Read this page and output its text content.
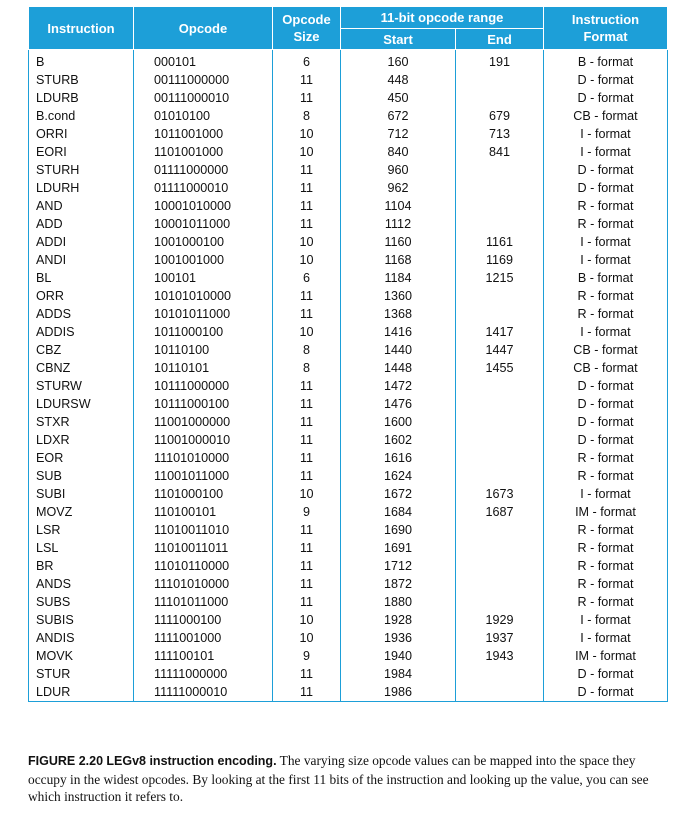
Instruction	Opcode	Opcode Size	11-bit opcode range		Instruction Format
			Start	End	
B	000101	6	160	191	B - format
STURB	00111000000	11	448		D - format
LDURB	00111000010	11	450		D - format
B.cond	01010100	8	672	679	CB - format
ORRI	1011001000	10	712	713	I - format
EORI	1101001000	10	840	841	I - format
STURH	01111000000	11	960		D - format
LDURH	01111000010	11	962		D - format
AND	10001010000	11	1104		R - format
ADD	10001011000	11	1112		R - format
ADDI	1001000100	10	1160	1161	I - format
ANDI	1001001000	10	1168	1169	I - format
BL	100101	6	1184	1215	B - format
ORR	10101010000	11	1360		R - format
ADDS	10101011000	11	1368		R - format
ADDIS	1011000100	10	1416	1417	I - format
CBZ	10110100	8	1440	1447	CB - format
CBNZ	10110101	8	1448	1455	CB - format
STURW	10111000000	11	1472		D - format
LDURSW	10111000100	11	1476		D - format
STXR	11001000000	11	1600		D - format
LDXR	11001000010	11	1602		D - format
EOR	11101010000	11	1616		R - format
SUB	11001011000	11	1624		R - format
SUBI	1101000100	10	1672	1673	I - format
MOVZ	110100101	9	1684	1687	IM - format
LSR	11010011010	11	1690		R - format
LSL	11010011011	11	1691		R - format
BR	11010110000	11	1712		R - format
ANDS	11101010000	11	1872		R - format
SUBS	11101011000	11	1880		R - format
SUBIS	1111000100	10	1928	1929	I - format
ANDIS	1111001000	10	1936	1937	I - format
MOVK	111100101	9	1940	1943	IM - format
STUR	11111000000	11	1984		D - format
LDUR	11111000010	11	1986		D - format
FIGURE 2.20 LEGv8 instruction encoding. The varying size opcode values can be mapped into the space they occupy in the widest opcodes. By looking at the first 11 bits of the instruction and looking up the value, you can see which instruction it refers to.
